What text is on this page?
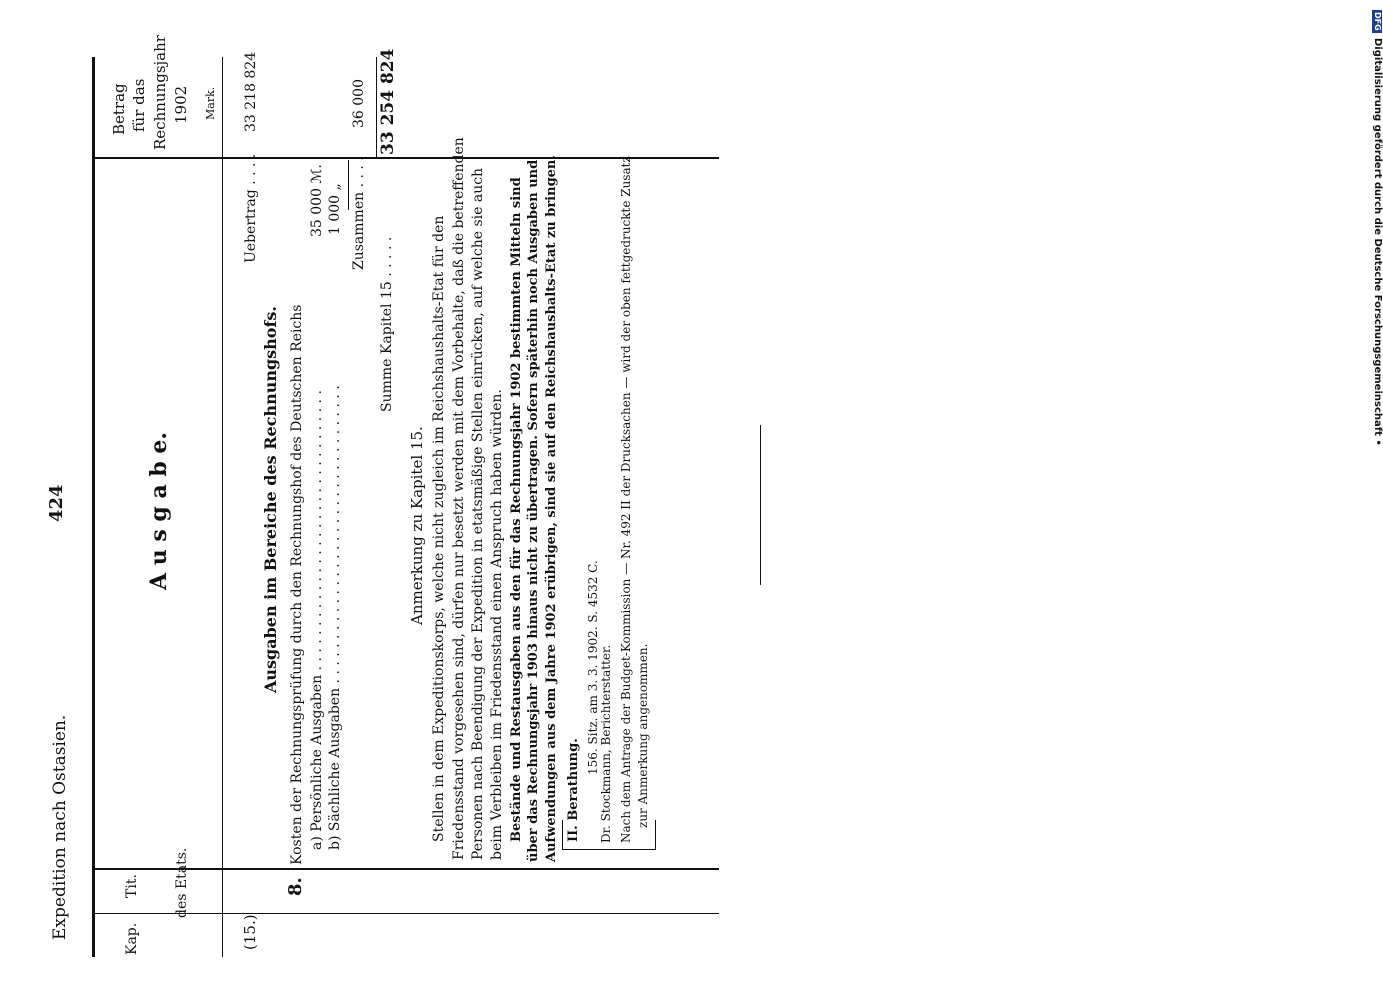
424
Expedition nach Ostasien.	Kap.
Tit. des Etats.
Betrag für das Rechnungsjahr 1902 Mark.
(15.)
8.
A u s g a b e.
Uebertrag . . . .
33 218 824
Ausgaben im Bereiche des Rechnungshofs. Kosten der Rechnungsprüfung durch den Rechnungshof des Deutschen Reichs a) Persönliche Ausgaben . . . . . . . . . . . . . . . . . . . . . . . . . . . . . . . .
35 000 ℳ.
b) Sächliche Ausgaben . . . . . . . . . . . . . . . . . . . . . . . . . . . . . . . . . .
1 000 „ Zusammen . . . .
36 000
Summe Kapitel 15 . . . . .
33 254 824
Anmerkung zu Kapitel 15. Stellen in dem Expeditionskorps, welche nicht zugleich im Reichshaushalts-Etat für den Friedensstand vorgesehen sind, dürfen nur besetzt werden mit dem Vorbehalte, daß die betreffenden Personen nach Beendigung der Expedition in etatsmäßige Stellen einrücken, auf welche sie auch beim Verbleiben im Friedensstand einen Anspruch haben würden. Bestände und Restausgaben aus den für das Rechnungsjahr 1902 bestimmten Mitteln sind über das Rechnungsjahr 1903 hinaus nicht zu übertragen. Sofern späterhin noch Ausgaben und Aufwendungen aus dem Jahre 1902 erübrigen, sind sie auf den Reichshaushalts-Etat zu bringen. II. Berathung.
156. Sitz. am 3. 3. 1902. S. 4532 C. Dr. Stockmann, Berichterstatter. Nach dem Antrage der Budget-Kommission — Nr. 492 II der Drucksachen — wird der oben fettgedruckte Zusatz zur Anmerkung angenommen.
DFG
Digitalisierung gefördert durch die Deutsche Forschungsgemeinschaft •
